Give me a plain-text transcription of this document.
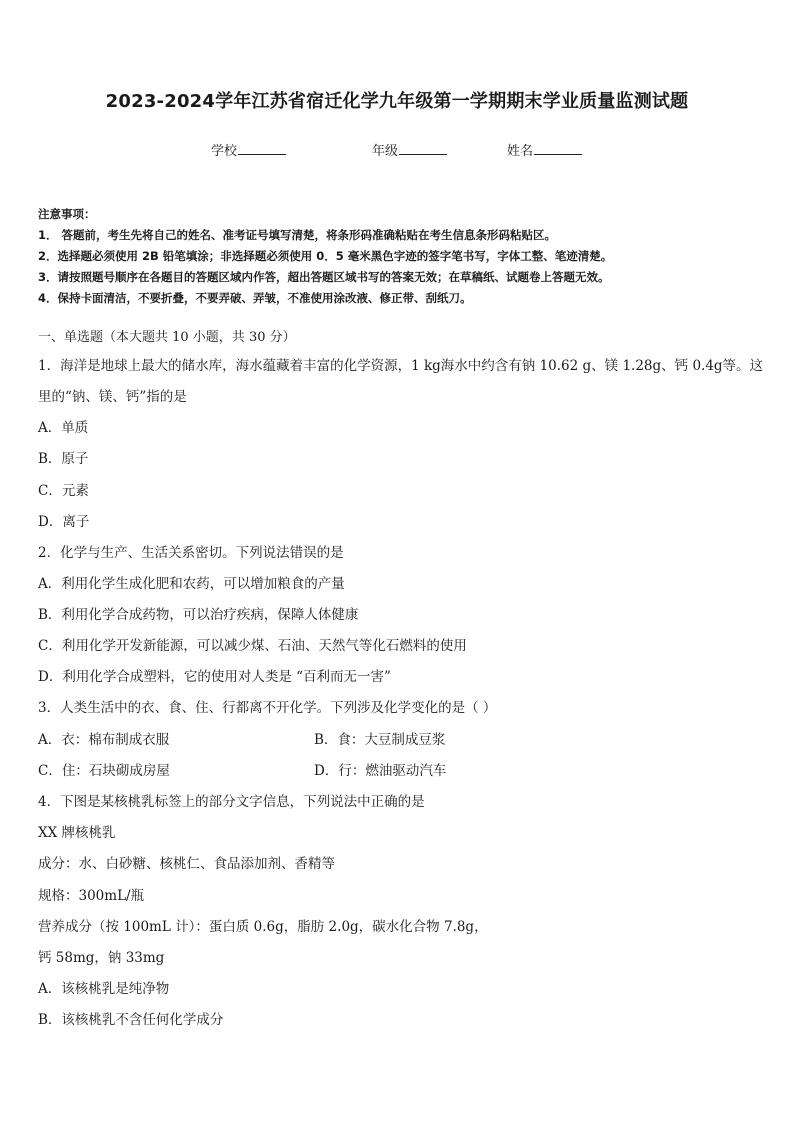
2023-2024学年江苏省宿迁化学九年级第一学期期末学业质量监测试题
学校	年级	姓名
注意事项：
1． 答题前，考生先将自己的姓名、准考证号填写清楚，将条形码准确粘贴在考生信息条形码粘贴区。
2．选择题必须使用 2B 铅笔填涂；非选择题必须使用 0．5 毫米黑色字迹的签字笔书写，字体工整、笔迹清楚。
3．请按照题号顺序在各题目的答题区域内作答，超出答题区域书写的答案无效；在草稿纸、试题卷上答题无效。
4．保持卡面清洁，不要折叠，不要弄破、弄皱，不准使用涂改液、修正带、刮纸刀。
一、单选题（本大题共 10 小题，共 30 分）
1．海洋是地球上最大的储水库，海水蕴藏着丰富的化学资源，1 kg海水中约含有钠 10.62 g、镁 1.28g、钙 0.4g等。这
里的“钠、镁、钙”指的是
A．单质
B．原子
C．元素
D．离子
2．化学与生产、生活关系密切。下列说法错误的是
A．利用化学生成化肥和农药，可以增加粮食的产量
B．利用化学合成药物，可以治疗疾病，保障人体健康
C．利用化学开发新能源，可以减少煤、石油、天然气等化石燃料的使用
D．利用化学合成塑料，它的使用对人类是 “百利而无一害”
3．人类生活中的衣、食、住、行都离不开化学。下列涉及化学变化的是（ ）
A．衣：棉布制成衣服	B．食：大豆制成豆浆
C．住：石块砌成房屋	D．行：燃油驱动汽车
4．下图是某核桃乳标签上的部分文字信息，下列说法中正确的是
XX 牌核桃乳
成分：水、白砂糖、核桃仁、食品添加剂、香精等
规格：300mL/瓶
营养成分（按 100mL 计）：蛋白质 0.6g，脂肪 2.0g，碳水化合物 7.8g，
钙 58mg，钠 33mg
A．该核桃乳是纯净物
B．该核桃乳不含任何化学成分
